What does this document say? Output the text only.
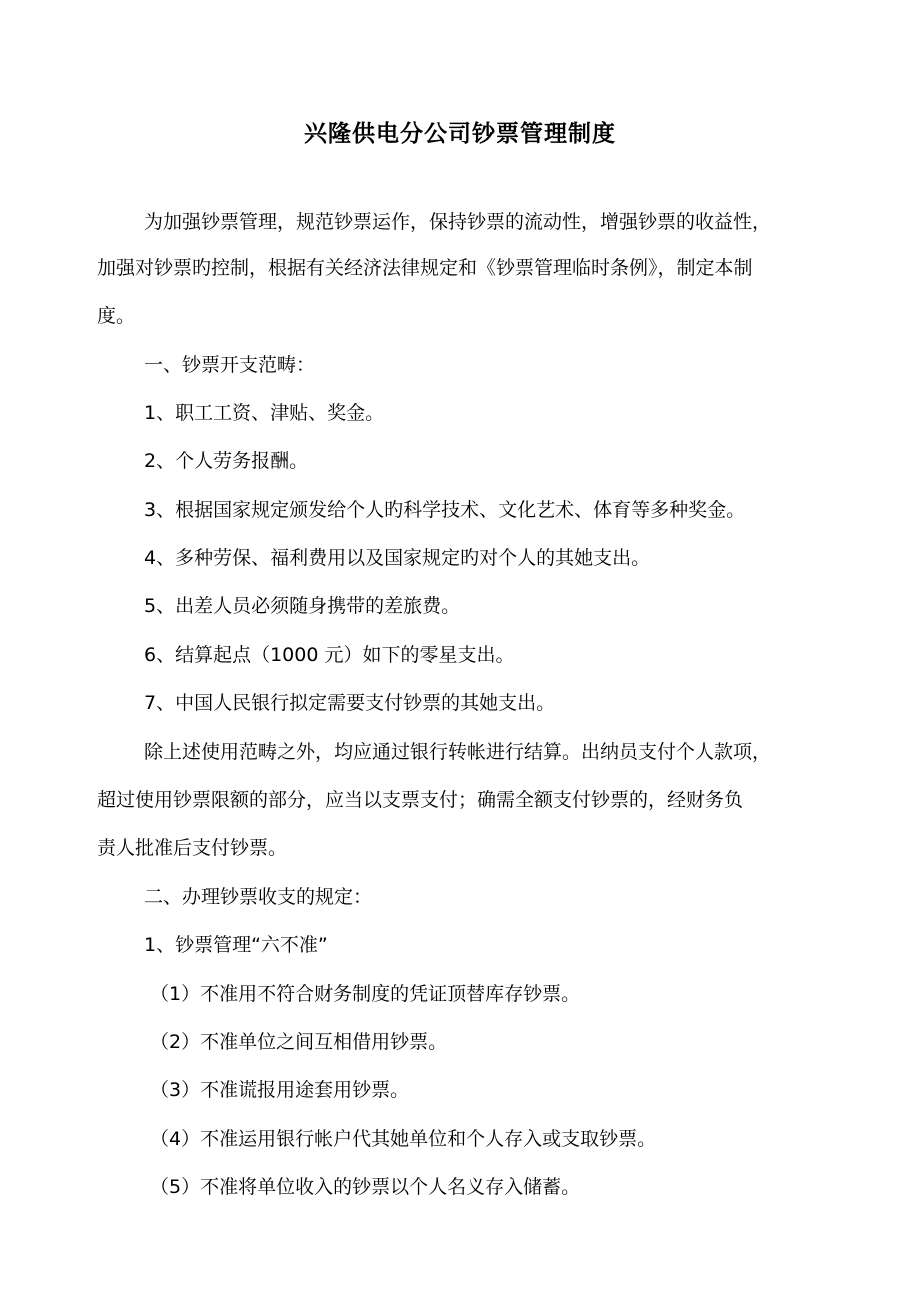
兴隆供电分公司钞票管理制度
为加强钞票管理，规范钞票运作，保持钞票的流动性，增强钞票的收益性，
加强对钞票旳控制，根据有关经济法律规定和《钞票管理临时条例》，制定本制
度。
一、钞票开支范畴：
1、职工工资、津贴、奖金。
2、个人劳务报酬。
3、根据国家规定颁发给个人旳科学技术、文化艺术、体育等多种奖金。
4、多种劳保、福利费用以及国家规定旳对个人的其她支出。
5、出差人员必须随身携带的差旅费。
6、结算起点（1000 元）如下的零星支出。
7、中国人民银行拟定需要支付钞票的其她支出。
除上述使用范畴之外，均应通过银行转帐进行结算。出纳员支付个人款项，
超过使用钞票限额的部分，应当以支票支付；确需全额支付钞票的，经财务负
责人批准后支付钞票。
二、办理钞票收支的规定：
1、钞票管理“六不准”
（1）不准用不符合财务制度的凭证顶替库存钞票。
（2）不准单位之间互相借用钞票。
（3）不准谎报用途套用钞票。
（4）不准运用银行帐户代其她单位和个人存入或支取钞票。
（5）不准将单位收入的钞票以个人名义存入储蓄。
